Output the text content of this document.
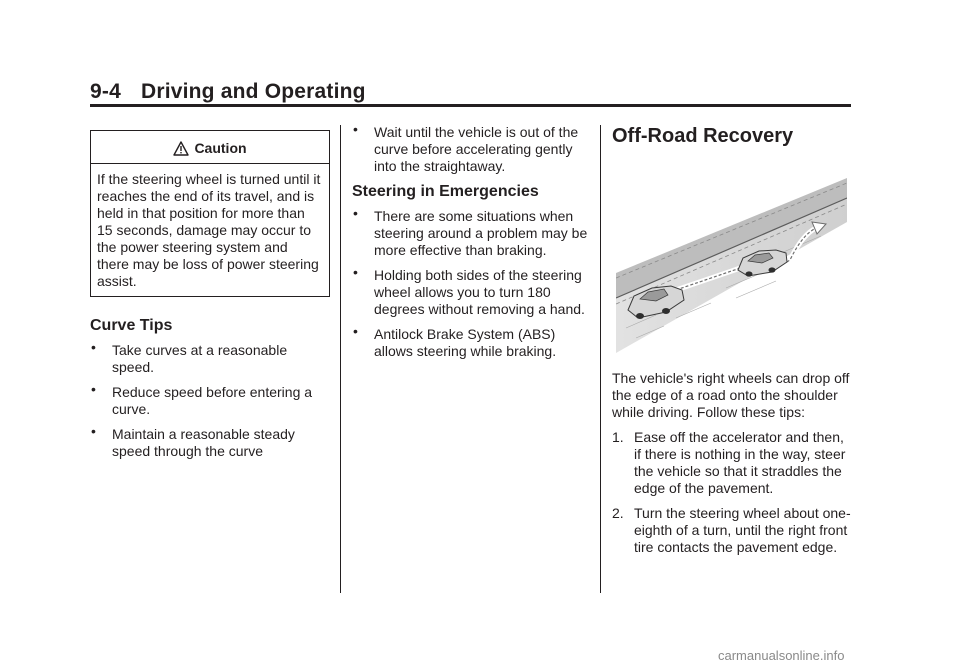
9-4 Driving and Operating
Caution
If the steering wheel is turned until it reaches the end of its travel, and is held in that position for more than 15 seconds, damage may occur to the power steering system and there may be loss of power steering assist.
Curve Tips
• Take curves at a reasonable speed.
• Reduce speed before entering a curve.
• Maintain a reasonable steady speed through the curve
• Wait until the vehicle is out of the curve before accelerating gently into the straightaway.
Steering in Emergencies
• There are some situations when steering around a problem may be more effective than braking.
• Holding both sides of the steering wheel allows you to turn 180 degrees without removing a hand.
• Antilock Brake System (ABS) allows steering while braking.
Off-Road Recovery

The vehicle's right wheels can drop off the edge of a road onto the shoulder while driving. Follow these tips:

1. Ease off the accelerator and then, if there is nothing in the way, steer the vehicle so that it straddles the edge of the pavement.
2. Turn the steering wheel about one-eighth of a turn, until the right front tire contacts the pavement edge.
carmanualsonline.info
